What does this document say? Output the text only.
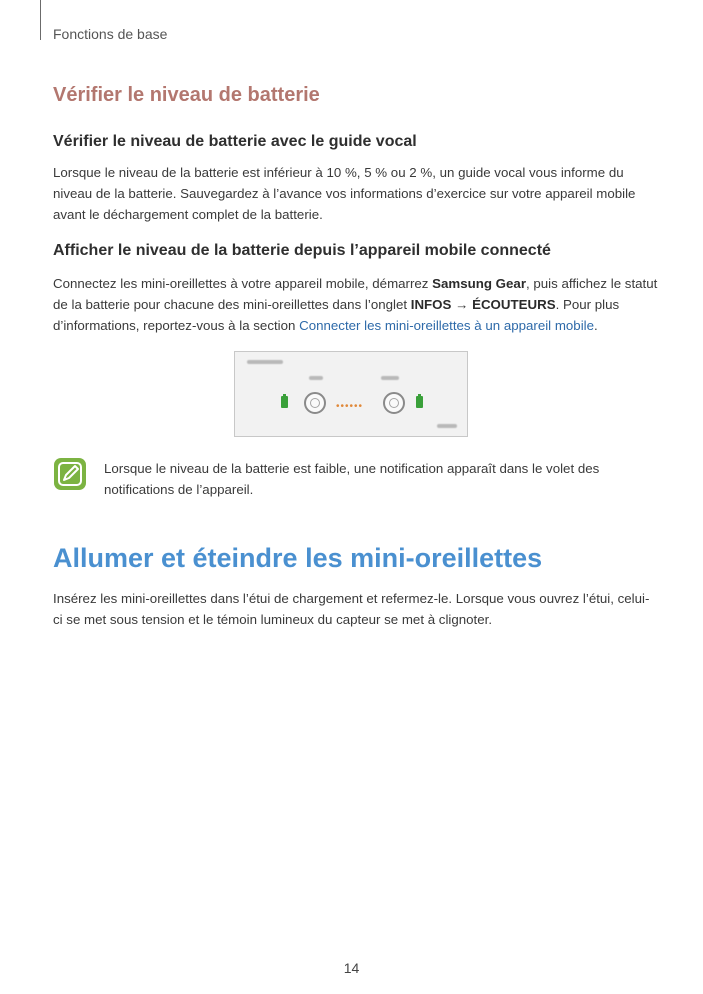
Fonctions de base
Vérifier le niveau de batterie
Vérifier le niveau de batterie avec le guide vocal
Lorsque le niveau de la batterie est inférieur à 10 %, 5 % ou 2 %, un guide vocal vous informe du niveau de la batterie. Sauvegardez à l’avance vos informations d’exercice sur votre appareil mobile avant le déchargement complet de la batterie.
Afficher le niveau de la batterie depuis l’appareil mobile connecté
Connectez les mini-oreillettes à votre appareil mobile, démarrez Samsung Gear, puis affichez le statut de la batterie pour chacune des mini-oreillettes dans l’onglet INFOS → ÉCOUTEURS. Pour plus d’informations, reportez-vous à la section Connecter les mini-oreillettes à un appareil mobile.
••••••
Lorsque le niveau de la batterie est faible, une notification apparaît dans le volet des notifications de l’appareil.
Allumer et éteindre les mini-oreillettes
Insérez les mini-oreillettes dans l’étui de chargement et refermez-le. Lorsque vous ouvrez l’étui, celui-ci se met sous tension et le témoin lumineux du capteur se met à clignoter.
14
